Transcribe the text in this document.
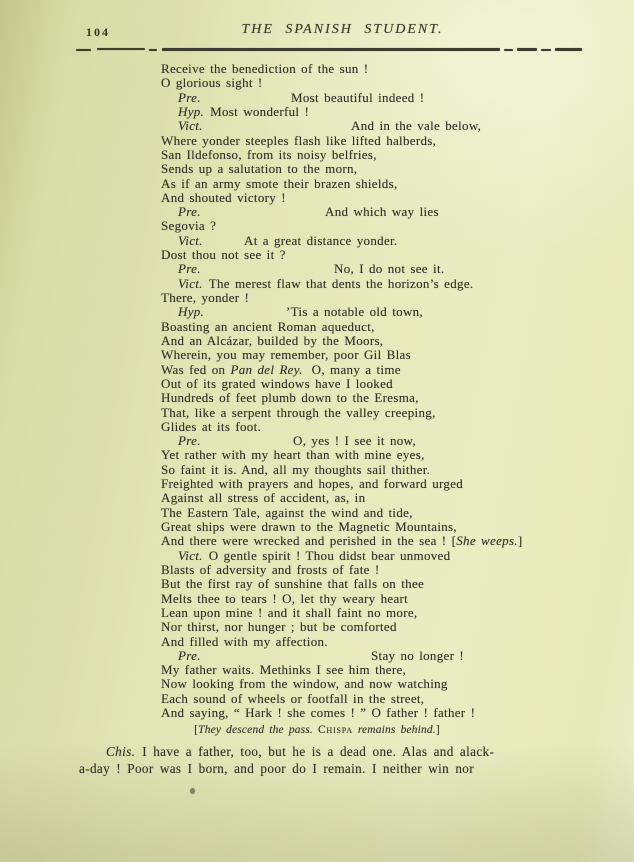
104	THE SPANISH STUDENT.
Receive the benediction of the sun !
O glorious sight !
Pre.	Most beautiful indeed !
Hyp. Most wonderful !
Vict.	And in the vale below,
Where yonder steeples flash like lifted halberds,
San Ildefonso, from its noisy belfries,
Sends up a salutation to the morn,
As if an army smote their brazen shields,
And shouted victory !
Pre.	And which way lies
Segovia ?
Vict.	At a great distance yonder.
Dost thou not see it ?
Pre.	No, I do not see it.
Vict. The merest flaw that dents the horizon’s edge.
There, yonder !
Hyp.	’Tis a notable old town,
Boasting an ancient Roman aqueduct,
And an Alcázar, builded by the Moors,
Wherein, you may remember, poor Gil Blas
Was fed on Pan del Rey. O, many a time
Out of its grated windows have I looked
Hundreds of feet plumb down to the Eresma,
That, like a serpent through the valley creeping,
Glides at its foot.
Pre.	O, yes ! I see it now,
Yet rather with my heart than with mine eyes,
So faint it is. And, all my thoughts sail thither.
Freighted with prayers and hopes, and forward urged
Against all stress of accident, as, in
The Eastern Tale, against the wind and tide,
Great ships were drawn to the Magnetic Mountains,
And there were wrecked and perished in the sea ! [She weeps.]
Vict. O gentle spirit ! Thou didst bear unmoved
Blasts of adversity and frosts of fate !
But the first ray of sunshine that falls on thee
Melts thee to tears ! O, let thy weary heart
Lean upon mine ! and it shall faint no more,
Nor thirst, nor hunger ; but be comforted
And filled with my affection.
Pre.	Stay no longer !
My father waits. Methinks I see him there,
Now looking from the window, and now watching
Each sound of wheels or footfall in the street,
And saying, “ Hark ! she comes ! ” O father ! father !
[They descend the pass. Chispa remains behind.]
Chis. I have a father, too, but he is a dead one. Alas and alack-
a-day ! Poor was I born, and poor do I remain. I neither win nor
